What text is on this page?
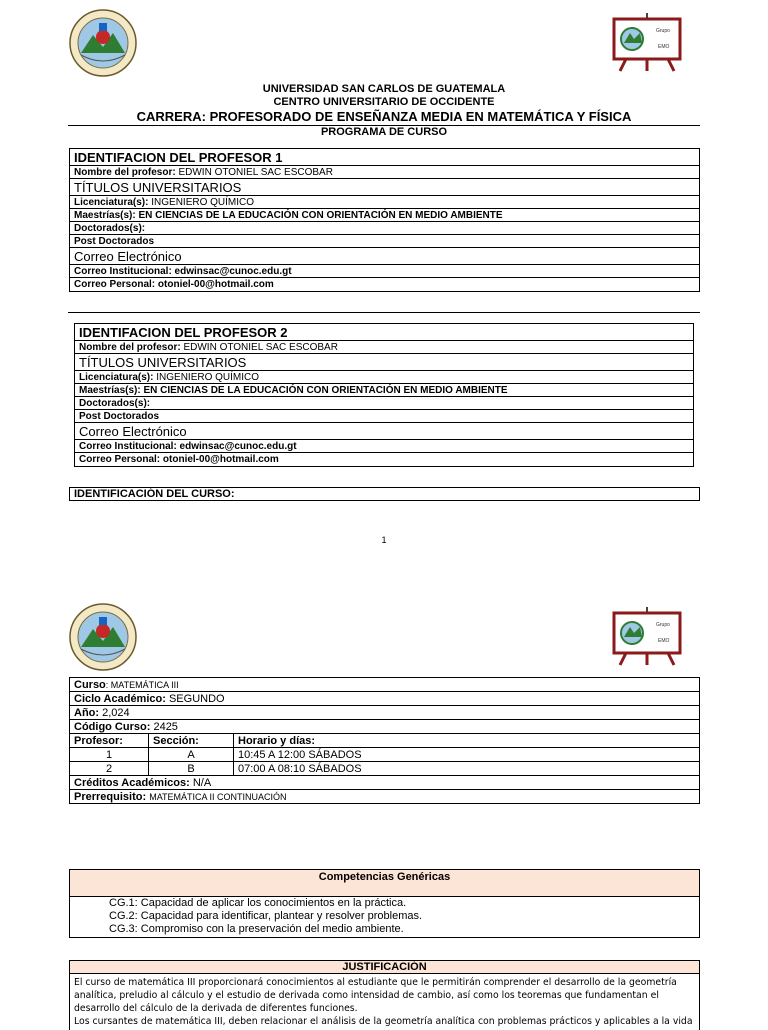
Grupo
EMO
UNIVERSIDAD SAN CARLOS DE GUATEMALA
CENTRO UNIVERSITARIO DE OCCIDENTE
CARRERA: PROFESORADO DE ENSEÑANZA MEDIA EN MATEMÁTICA Y FÍSICA
PROGRAMA DE CURSO
IDENTIFACION DEL PROFESOR 1
Nombre del profesor: EDWIN OTONIEL SAC ESCOBAR
TÍTULOS UNIVERSITARIOS
Licenciatura(s): INGENIERO QUÍMICO
Maestrías(s): EN CIENCIAS DE LA EDUCACIÓN CON ORIENTACIÓN EN MEDIO AMBIENTE
Doctorados(s):
Post Doctorados
Correo Electrónico
Correo Institucional: edwinsac@cunoc.edu.gt
Correo Personal: otoniel-00@hotmail.com
IDENTIFACION DEL PROFESOR 2
Nombre del profesor: EDWIN OTONIEL SAC ESCOBAR
TÍTULOS UNIVERSITARIOS
Licenciatura(s): INGENIERO QUÍMICO
Maestrías(s): EN CIENCIAS DE LA EDUCACIÓN CON ORIENTACIÓN EN MEDIO AMBIENTE
Doctorados(s):
Post Doctorados
Correo Electrónico
Correo Institucional: edwinsac@cunoc.edu.gt
Correo Personal: otoniel-00@hotmail.com
IDENTIFICACIÓN DEL CURSO:
1
Grupo
EMO
Curso: MATEMÁTICA III		
Ciclo Académico: SEGUNDO		
Año: 2,024		
Código Curso: 2425		
Profesor:	Sección:	Horario y días:
1	A	10:45 A 12:00 SÁBADOS
2	B	07:00 A 08:10 SÁBADOS
Créditos Académicos: N/A		
Prerrequisito: MATEMÁTICA II CONTINUACIÓN		
Competencias Genéricas
CG.1: Capacidad de aplicar los conocimientos en la práctica.
CG.2: Capacidad para identificar, plantear y resolver problemas.
CG.3: Compromiso con la preservación del medio ambiente.
JUSTIFICACIÓN
El curso de matemática III proporcionará conocimientos al estudiante que le permitirán comprender el desarrollo de la geometría analítica, preludio al cálculo y el estudio de derivada como intensidad de cambio, así como los teoremas que fundamentan el desarrollo del cálculo de la derivada de diferentes funciones.
Los cursantes de matemática III, deben relacionar el análisis de la geometría analítica con problemas prácticos y aplicables a la vida
